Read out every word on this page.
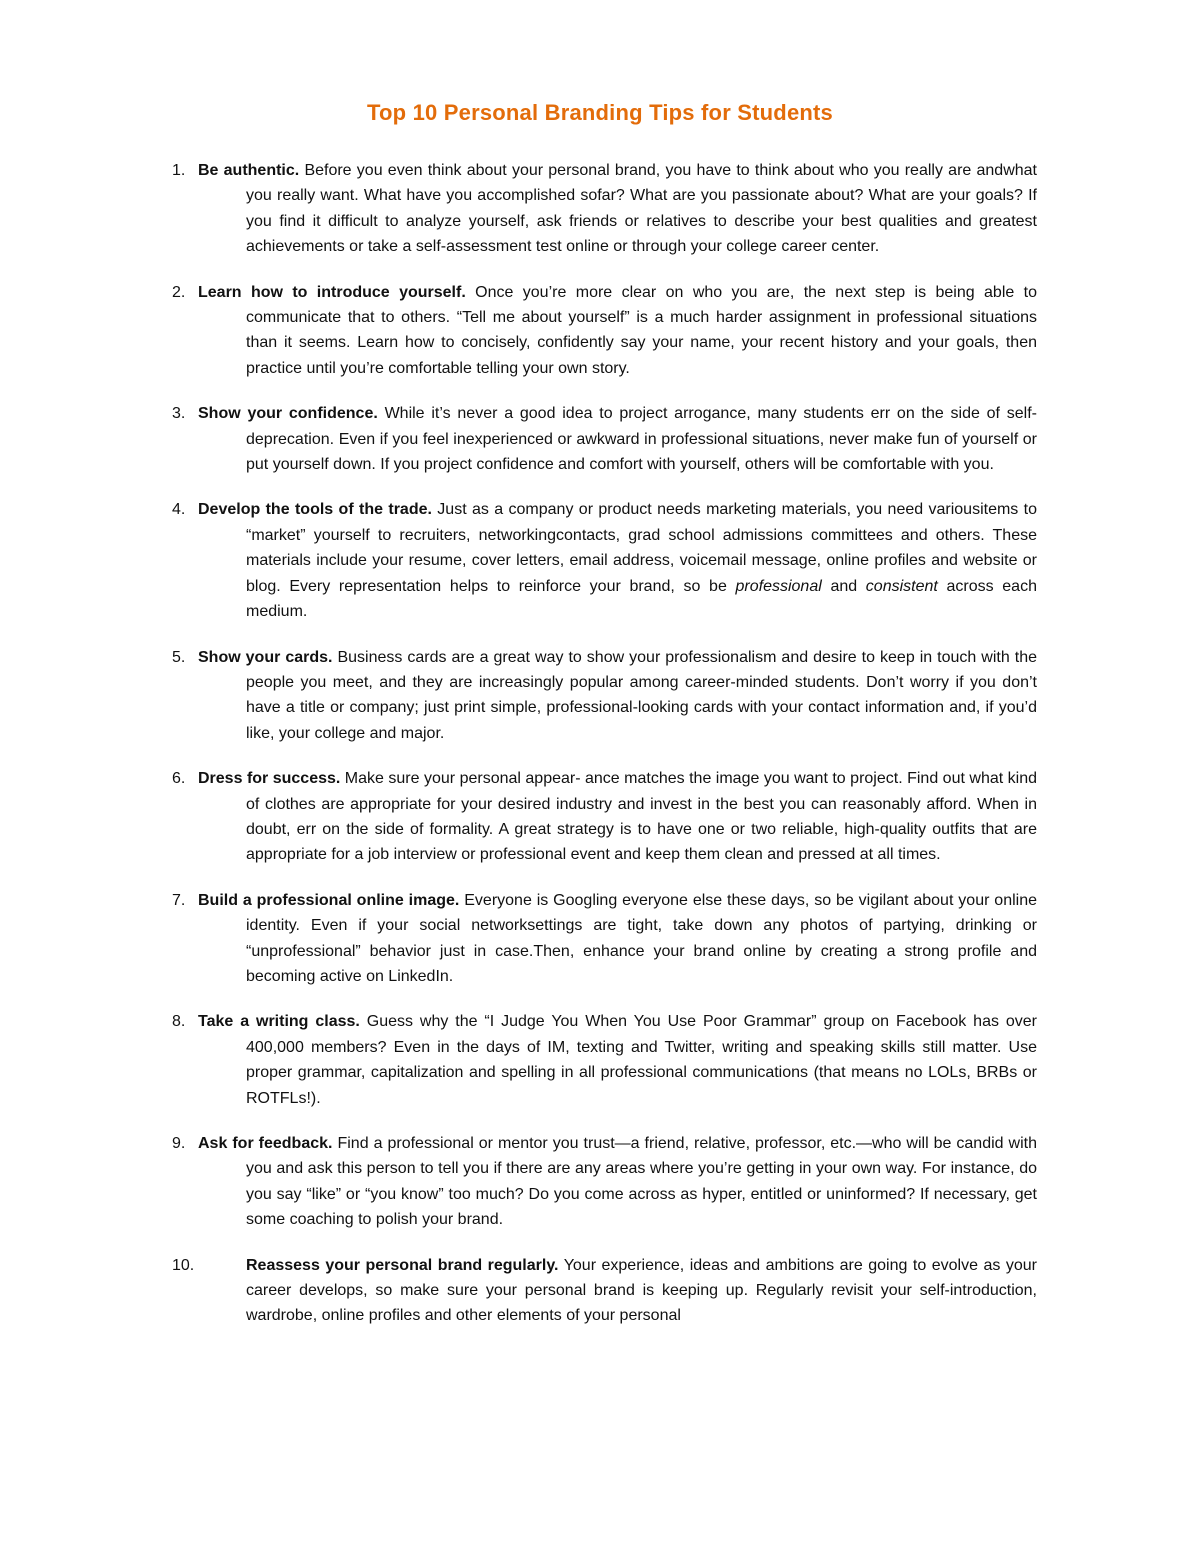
Top 10 Personal Branding Tips for Students
1. Be authentic. Before you even think about your personal brand, you have to think about who you really are andwhat you really want. What have you accomplished sofar? What are you passionate about? What are your goals? If you find it difficult to analyze yourself, ask friends or relatives to describe your best qualities and greatest achievements or take a self-assessment test online or through your college career center.
2. Learn how to introduce yourself. Once you’re more clear on who you are, the next step is being able to communicate that to others. “Tell me about yourself” is a much harder assignment in professional situations than it seems. Learn how to concisely, confidently say your name, your recent history and your goals, then practice until you’re comfortable telling your own story.
3. Show your confidence. While it’s never a good idea to project arrogance, many students err on the side of self-deprecation. Even if you feel inexperienced or awkward in professional situations, never make fun of yourself or put yourself down. If you project confidence and comfort with yourself, others will be comfortable with you.
4. Develop the tools of the trade. Just as a company or product needs marketing materials, you need variousitems to “market” yourself to recruiters, networkingcontacts, grad school admissions committees and others. These materials include your resume, cover letters, email address, voicemail message, online profiles and website or blog. Every representation helps to reinforce your brand, so be professional and consistent across each medium.
5. Show your cards. Business cards are a great way to show your professionalism and desire to keep in touch with the people you meet, and they are increasingly popular among career-minded students. Don’t worry if you don’t have a title or company; just print simple, professional-looking cards with your contact information and, if you’d like, your college and major.
6. Dress for success. Make sure your personal appear- ance matches the image you want to project. Find out what kind of clothes are appropriate for your desired industry and invest in the best you can reasonably afford. When in doubt, err on the side of formality. A great strategy is to have one or two reliable, high-quality outfits that are appropriate for a job interview or professional event and keep them clean and pressed at all times.
7. Build a professional online image. Everyone is Googling everyone else these days, so be vigilant about your online identity. Even if your social networksettings are tight, take down any photos of partying, drinking or “unprofessional” behavior just in case.Then, enhance your brand online by creating a strong profile and becoming active on LinkedIn.
8. Take a writing class. Guess why the “I Judge You When You Use Poor Grammar” group on Facebook has over 400,000 members? Even in the days of IM, texting and Twitter, writing and speaking skills still matter. Use proper grammar, capitalization and spelling in all professional communications (that means no LOLs, BRBs or ROTFLs!).
9. Ask for feedback. Find a professional or mentor you trust—a friend, relative, professor, etc.—who will be candid with you and ask this person to tell you if there are any areas where you’re getting in your own way. For instance, do you say “like” or “you know” too much? Do you come across as hyper, entitled or uninformed? If necessary, get some coaching to polish your brand.
10.	Reassess your personal brand regularly. Your experience, ideas and ambitions are going to evolve as your career develops, so make sure your personal brand is keeping up. Regularly revisit your self-introduction, wardrobe, online profiles and other elements of your personal
